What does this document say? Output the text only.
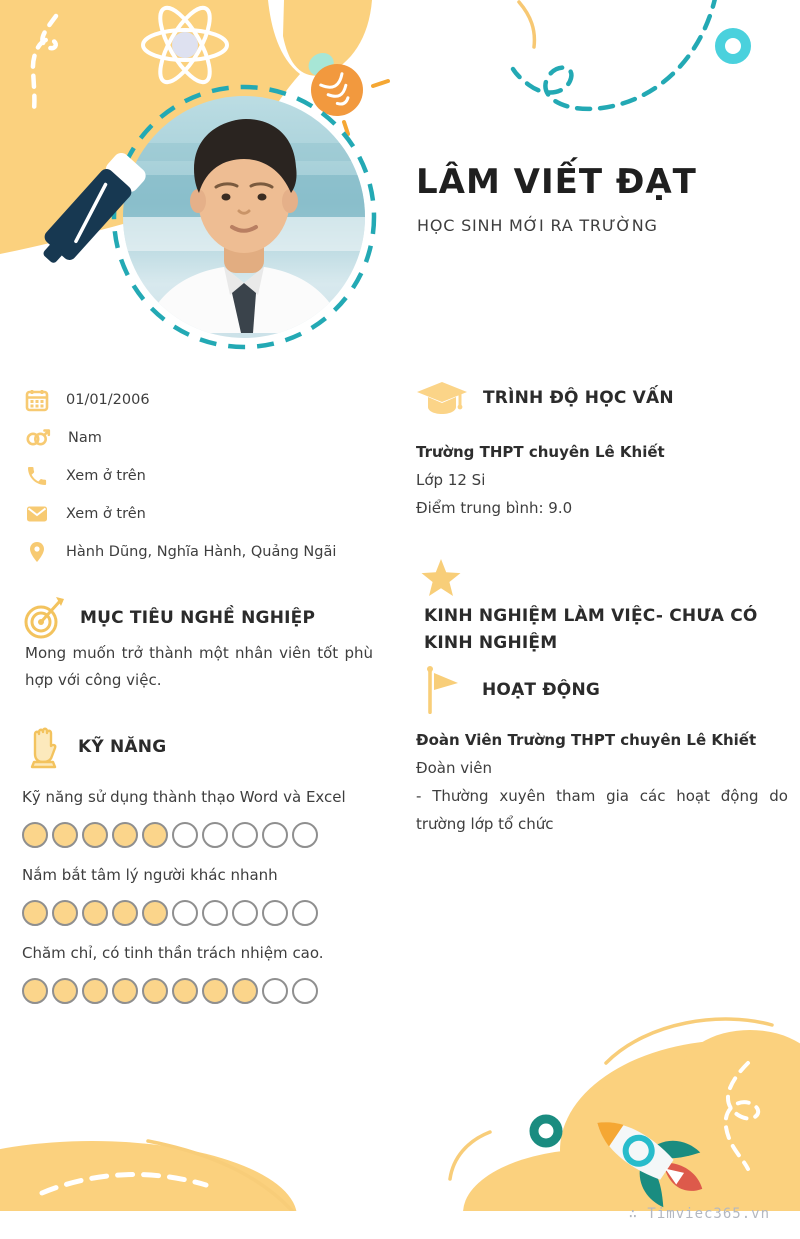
LÂM VIẾT ĐẠT
HỌC SINH MỚI RA TRƯỜNG
01/01/2006
Nam
Xem ở trên
Xem ở trên
Hành Dũng, Nghĩa Hành, Quảng Ngãi
MỤC TIÊU NGHỀ NGHIỆP
Mong muốn trở thành một nhân viên tốt phù hợp với công việc.
KỸ NĂNG
Kỹ năng sử dụng thành thạo Word và Excel
Nắm bắt tâm lý người khác nhanh
Chăm chỉ, có tinh thần trách nhiệm cao.
TRÌNH ĐỘ HỌC VẤN
Trường THPT chuyên Lê Khiết
Lớp 12 Si
Điểm trung bình: 9.0
KINH NGHIỆM LÀM VIỆC- CHƯA CÓ KINH NGHIỆM
HOẠT ĐỘNG
Đoàn Viên Trường THPT chuyên Lê Khiết
Đoàn viên
- Thường xuyên tham gia các hoạt động do trường lớp tổ chức
∴ Timviec365.vn
